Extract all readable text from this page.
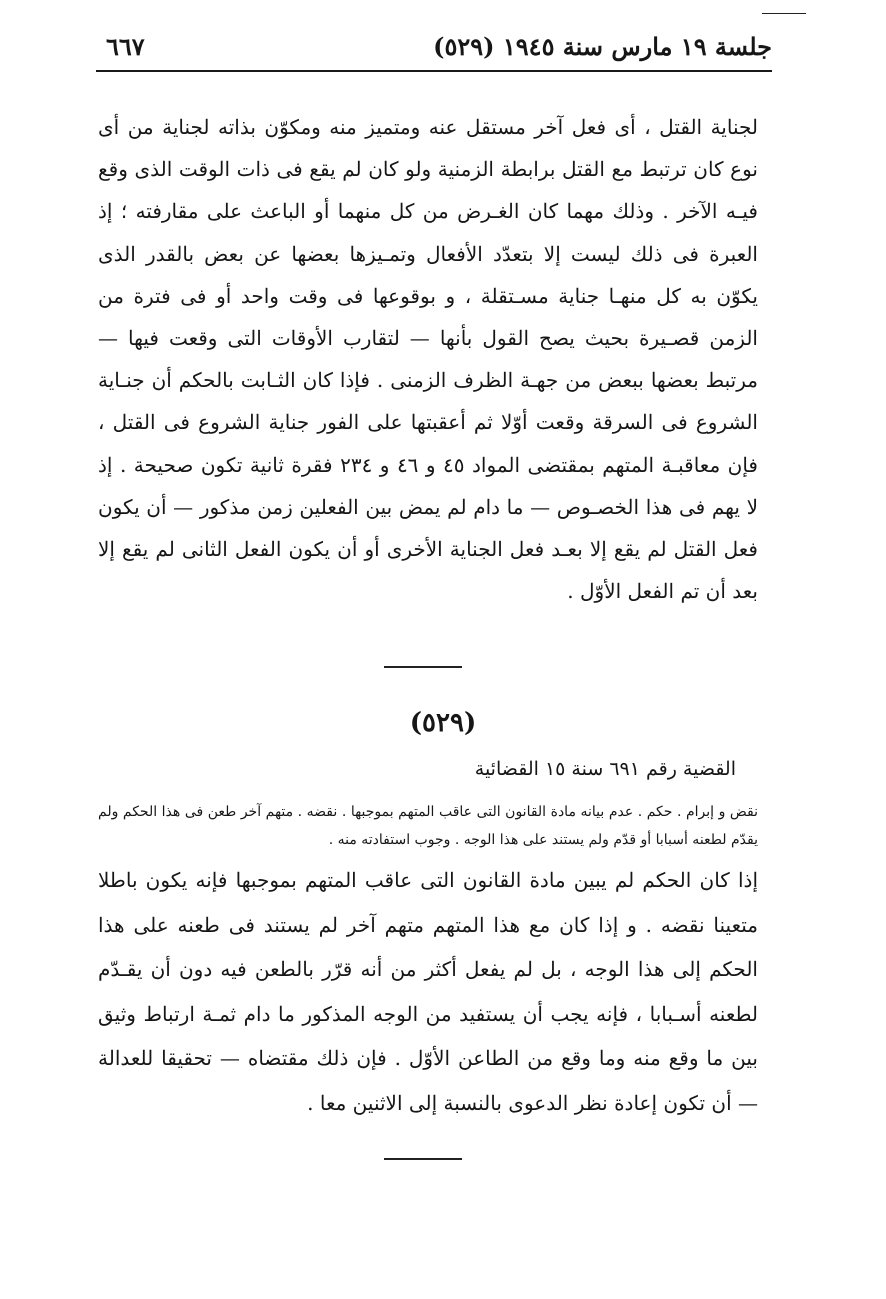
جلسة ١٩ مارس سنة ١٩٤٥ (٥٢٩)
٦٦٧

لجناية القتل ، أى فعل آخر مستقل عنه ومتميز منه ومكوّن بذاته لجناية من أى نوع كان ترتبط مع القتل برابطة الزمنية ولو كان لم يقع فى ذات الوقت الذى وقع فيـه الآخر . وذلك مهما كان الغـرض من كل منهما أو الباعث على مقارفته ؛ إذ العبرة فى ذلك ليست إلا بتعدّد الأفعال وتمـيزها بعضها عن بعض بالقدر الذى يكوّن به كل منهـا جناية مسـتقلة ، و بوقوعها فى وقت واحد أو فى فترة من الزمن قصـيرة بحيث يصح القول بأنها — لتقارب الأوقات التى وقعت فيها — مرتبط بعضها ببعض من جهـة الظرف الزمنى . فإذا كان الثـابت بالحكم أن جنـاية الشروع فى السرقة وقعت أوّلا ثم أعقبتها على الفور جناية الشروع فى القتل ، فإن معاقبـة المتهم بمقتضى المواد ٤٥ و ٤٦ و ٢٣٤ فقرة ثانية تكون صحيحة . إذ لا يهم فى هذا الخصـوص — ما دام لم يمض بين الفعلين زمن مذكور — أن يكون فعل القتل لم يقع إلا بعـد فعل الجناية الأخرى أو أن يكون الفعل الثانى لم يقع إلا بعد أن تم الفعل الأوّل .

(٥٢٩)
القضية رقم ٦٩١ سنة ١٥ القضائية

نقض و إبرام . حكم . عدم بيانه مادة القانون التى عاقب المتهم بموجبها . نقضه . متهم آخر طعن فى هذا الحكم ولم يقدّم لطعنه أسبابا أو قدّم ولم يستند على هذا الوجه . وجوب استفادته منه .

إذا كان الحكم لم يبين مادة القانون التى عاقب المتهم بموجبها فإنه يكون باطلا متعينا نقضه . و إذا كان مع هذا المتهم متهم آخر لم يستند فى طعنه على هذا الحكم إلى هذا الوجه ، بل لم يفعل أكثر من أنه قرّر بالطعن فيه دون أن يقـدّم لطعنه أسـبابا ، فإنه يجب أن يستفيد من الوجه المذكور ما دام ثمـة ارتباط وثيق بين ما وقع منه وما وقع من الطاعن الأوّل . فإن ذلك مقتضاه — تحقيقا للعدالة — أن تكون إعادة نظر الدعوى بالنسبة إلى الاثنين معا .
